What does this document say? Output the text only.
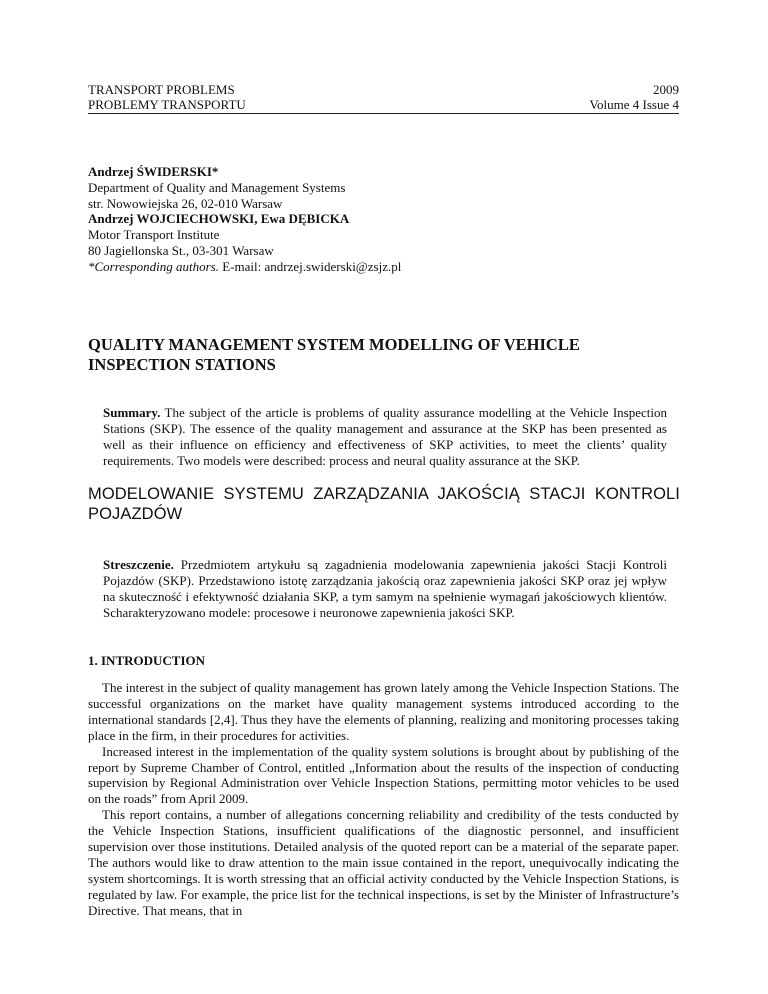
TRANSPORT PROBLEMS	2009
PROBLEMY TRANSPORTU	Volume 4 Issue 4
Andrzej ŚWIDERSKI*
Department of Quality and Management Systems
str. Nowowiejska 26, 02-010 Warsaw
Andrzej WOJCIECHOWSKI, Ewa DĘBICKA
Motor Transport Institute
80 Jagiellonska St., 03-301 Warsaw
*Corresponding authors. E-mail: andrzej.swiderski@zsjz.pl
QUALITY MANAGEMENT SYSTEM MODELLING OF VEHICLE
INSPECTION STATIONS
Summary. The subject of the article is problems of quality assurance modelling at the Vehicle Inspection Stations (SKP). The essence of the quality management and assurance at the SKP has been presented as well as their influence on efficiency and effectiveness of SKP activities, to meet the clients’ quality requirements. Two models were described: process and neural quality assurance at the SKP.
MODELOWANIE SYSTEMU ZARZĄDZANIA JAKOŚCIĄ STACJI KONTROLI POJAZDÓW
Streszczenie. Przedmiotem artykułu są zagadnienia modelowania zapewnienia jakości Stacji Kontroli Pojazdów (SKP). Przedstawiono istotę zarządzania jakością oraz zapewnienia jakości SKP oraz jej wpływ na skuteczność i efektywność działania SKP, a tym samym na spełnienie wymagań jakościowych klientów. Scharakteryzowano modele: procesowe i neuronowe zapewnienia jakości SKP.
1. INTRODUCTION

The interest in the subject of quality management has grown lately among the Vehicle Inspection Stations. The successful organizations on the market have quality management systems introduced according to the international standards [2,4]. Thus they have the elements of planning, realizing and monitoring processes taking place in the firm, in their procedures for activities.

Increased interest in the implementation of the quality system solutions is brought about by publishing of the report by Supreme Chamber of Control, entitled „Information about the results of the inspection of conducting supervision by Regional Administration over Vehicle Inspection Stations, permitting motor vehicles to be used on the roads” from April 2009.

This report contains, a number of allegations concerning reliability and credibility of the tests conducted by the Vehicle Inspection Stations, insufficient qualifications of the diagnostic personnel, and insufficient supervision over those institutions. Detailed analysis of the quoted report can be a material of the separate paper. The authors would like to draw attention to the main issue contained in the report, unequivocally indicating the system shortcomings. It is worth stressing that an official activity conducted by the Vehicle Inspection Stations, is regulated by law. For example, the price list for the technical inspections, is set by the Minister of Infrastructure’s Directive. That means, that in
